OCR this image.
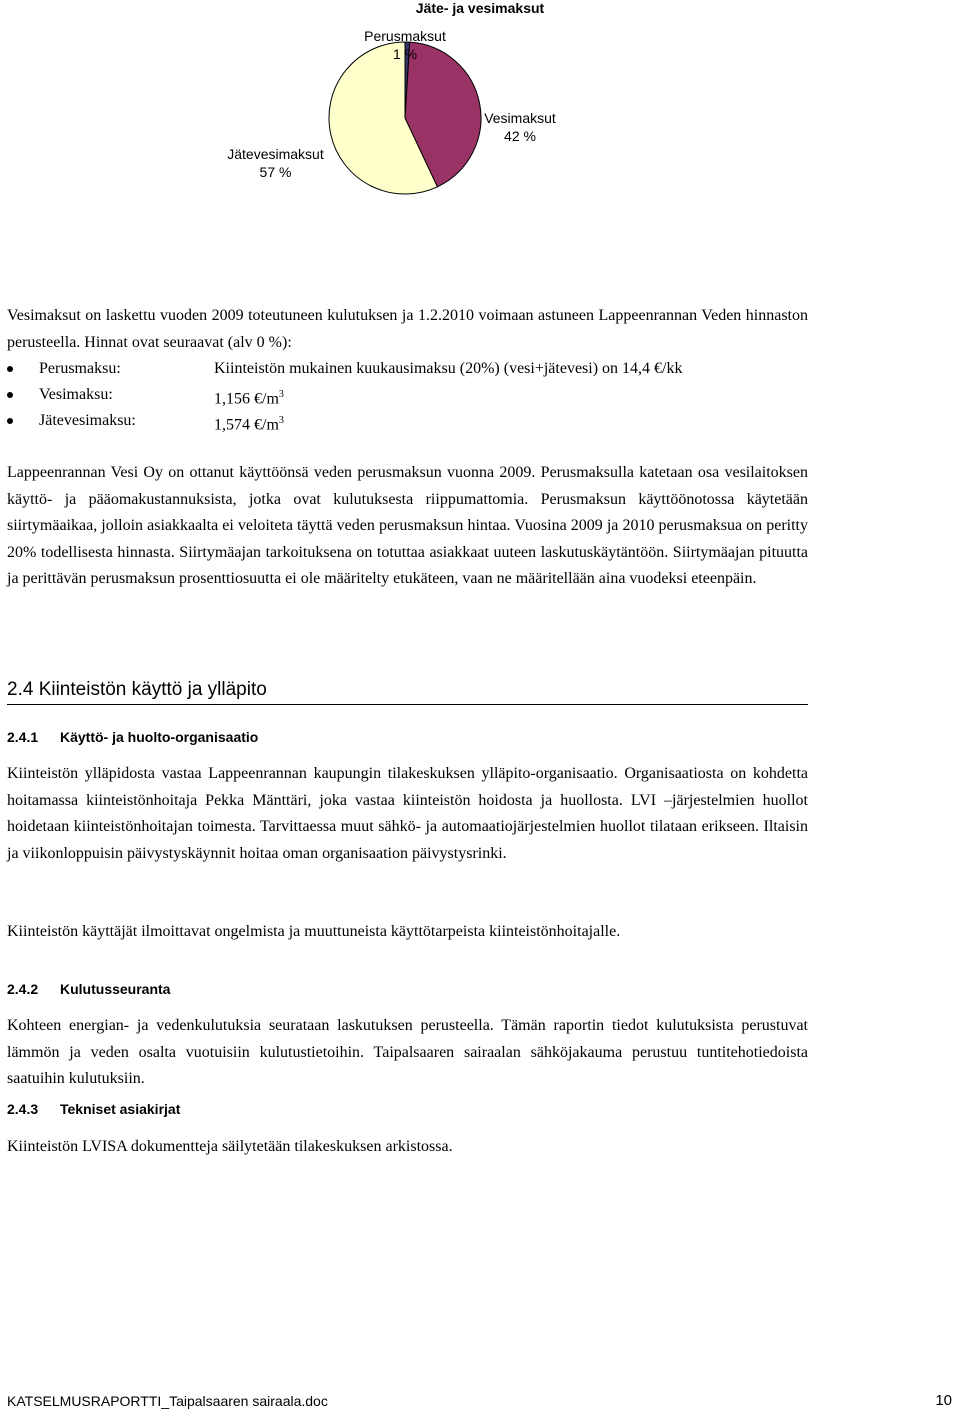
Jäte- ja vesimaksut
Perusmaksut
1 %
Vesimaksut
42 %
Jätevesimaksut
57 %
Vesimaksut on laskettu vuoden 2009 toteutuneen kulutuksen ja 1.2.2010 voimaan astuneen Lappeenrannan Veden hinnaston perusteella. Hinnat ovat seuraavat (alv 0 %):
Perusmaksu:	Kiinteistön mukainen kuukausimaksu (20%) (vesi+jätevesi) on 14,4 €/kk
Vesimaksu:	1,156 $€/m^3$
Jätevesimaksu:	1,574 $€/m^3$
Lappeenrannan Vesi Oy on ottanut käyttöönsä veden perusmaksun vuonna 2009. Perusmaksulla katetaan osa vesilaitoksen käyttö- ja pääomakustannuksista, jotka ovat kulutuksesta riippumattomia. Perusmaksun käyttöönotossa käytetään siirtymäaikaa, jolloin asiakkaalta ei veloiteta täyttä veden perusmaksun hintaa. Vuosina 2009 ja 2010 perusmaksua on peritty 20% todellisesta hinnasta. Siirtymäajan tarkoituksena on totuttaa asiakkaat uuteen laskutuskäytäntöön. Siirtymäajan pituutta ja perittävän perusmaksun prosenttiosuutta ei ole määritelty etukäteen, vaan ne määritellään aina vuodeksi eteenpäin.
2.4 Kiinteistön käyttö ja ylläpito
2.4.1 Käyttö- ja huolto-organisaatio
Kiinteistön ylläpidosta vastaa Lappeenrannan kaupungin tilakeskuksen ylläpito-organisaatio. Organisaatiosta on kohdetta hoitamassa kiinteistönhoitaja Pekka Mänttäri, joka vastaa kiinteistön hoidosta ja huollosta. LVI –järjestelmien huollot hoidetaan kiinteistönhoitajan toimesta. Tarvittaessa muut sähkö- ja automaatiojärjestelmien huollot tilataan erikseen. Iltaisin ja viikonloppuisin päivystyskäynnit hoitaa oman organisaation päivystysrinki.
Kiinteistön käyttäjät ilmoittavat ongelmista ja muuttuneista käyttötarpeista kiinteistönhoitajalle.
2.4.2 Kulutusseuranta
Kohteen energian- ja vedenkulutuksia seurataan laskutuksen perusteella. Tämän raportin tiedot kulutuksista perustuvat lämmön ja veden osalta vuotuisiin kulutustietoihin. Taipalsaaren sairaalan sähköjakauma perustuu tuntitehotiedoista saatuihin kulutuksiin.
2.4.3 Tekniset asiakirjat
Kiinteistön LVISA dokumentteja säilytetään tilakeskuksen arkistossa.
KATSELMUSRAPORTTI_Taipalsaaren sairaala.doc	10
